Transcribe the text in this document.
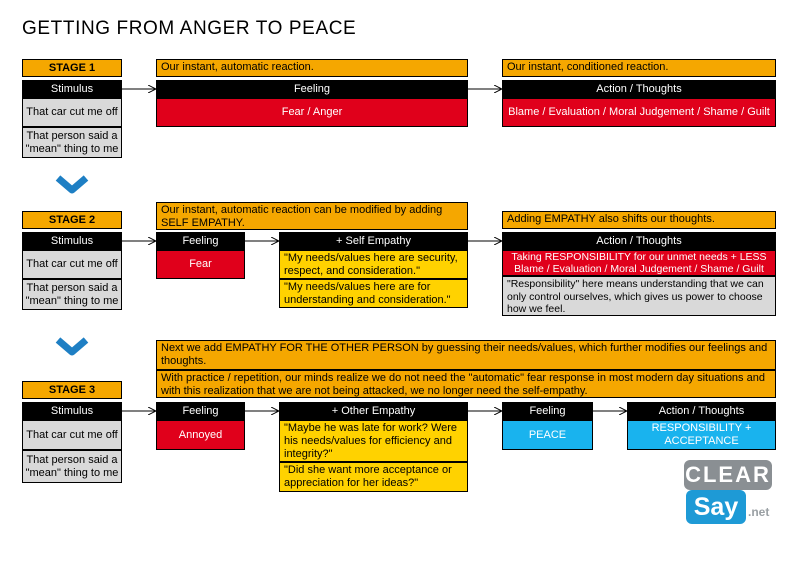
GETTING FROM ANGER TO PEACE
STAGE 1	Our instant, automatic reaction.	Our instant, conditioned reaction.
Stimulus
That car cut me off
That person said a "mean" thing to me
Feeling
Fear / Anger
Action / Thoughts
Blame / Evaluation / Moral Judgement / Shame / Guilt
STAGE 2
Our instant, automatic reaction can be modified by adding SELF EMPATHY.	Adding EMPATHY also shifts our thoughts.
Stimulus
That car cut me off
That person said a "mean" thing to me
Feeling
Fear
+ Self Empathy
"My needs/values here are security, respect, and consideration."
"My needs/values here are for understanding and consideration."
Action / Thoughts
Taking RESPONSIBILITY for our unmet needs + LESS Blame / Evaluation / Moral Judgement / Shame / Guilt
"Responsibility" here means understanding that we can only control ourselves, which gives us power to choose how we feel.
Next we add EMPATHY FOR THE OTHER PERSON by guessing their needs/values, which further modifies our feelings and thoughts.
With practice / repetition, our minds realize we do not need the "automatic" fear response in most modern day situations and with this realization that we are not being attacked, we no longer need the self-empathy.
STAGE 3
Stimulus
That car cut me off
That person said a "mean" thing to me
Feeling
Annoyed
+ Other Empathy
"Maybe he was late for work? Were his needs/values for efficiency and integrity?"
"Did she want more acceptance or appreciation for her ideas?"
Feeling
PEACE
Action / Thoughts
RESPONSIBILITY + ACCEPTANCE
CLEAR
Say .net
